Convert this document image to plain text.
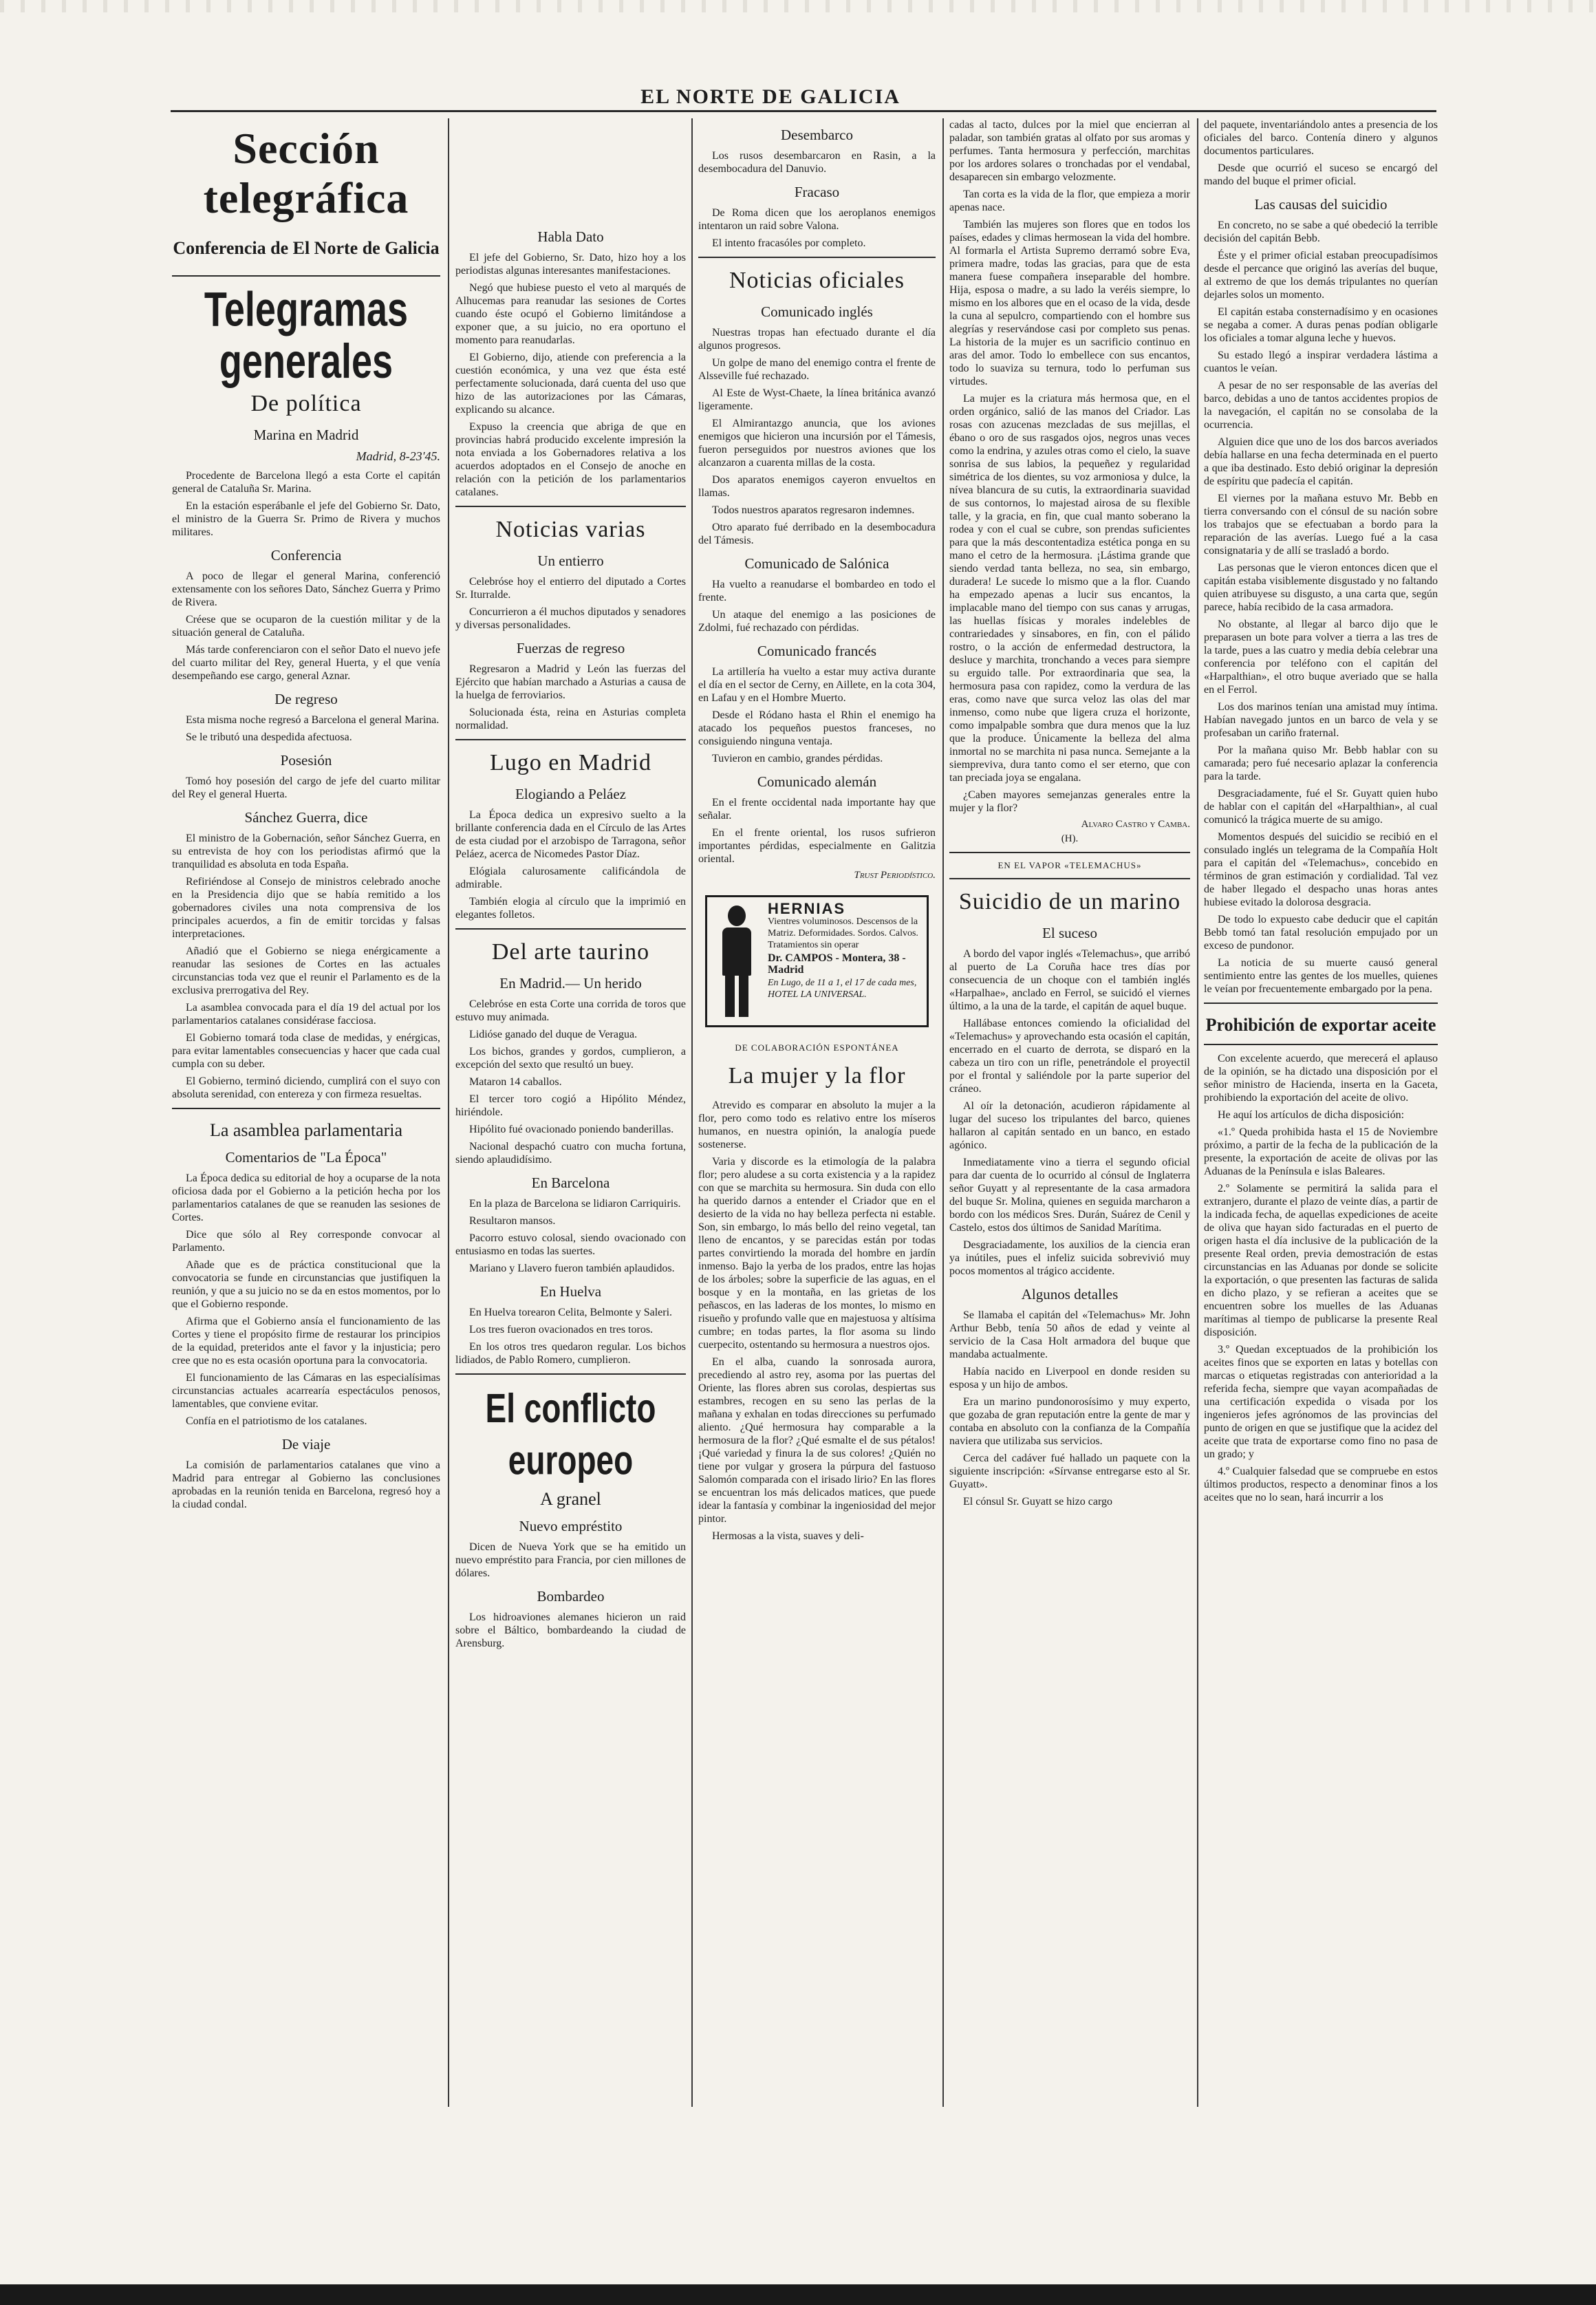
EL NORTE DE GALICIA
Sección telegráfica
Conferencia de El Norte de Galicia
Telegramas generales
De política
Marina en Madrid
Madrid, 8-23'45.

Procedente de Barcelona llegó a esta Corte el capitán general de Cataluña Sr. Marina.

En la estación esperábanle el jefe del Gobierno Sr. Dato, el ministro de la Guerra Sr. Primo de Rivera y muchos militares.

Conferencia

A poco de llegar el general Marina, conferenció extensamente con los señores Dato, Sánchez Guerra y Primo de Rivera.

Créese que se ocuparon de la cuestión militar y de la situación general de Cataluña.

Más tarde conferenciaron con el señor Dato el nuevo jefe del cuarto militar del Rey, general Huerta, y el que venía desempeñando ese cargo, general Aznar.

De regreso

Esta misma noche regresó a Barcelona el general Marina.

Se le tributó una despedida afectuosa.

Posesión

Tomó hoy posesión del cargo de jefe del cuarto militar del Rey el general Huerta.

Sánchez Guerra, dice

El ministro de la Gobernación, señor Sánchez Guerra, en su entrevista de hoy con los periodistas afirmó que la tranquilidad es absoluta en toda España.

Refiriéndose al Consejo de ministros celebrado anoche en la Presidencia dijo que se había remitido a los gobernadores civiles una nota comprensiva de los principales acuerdos, a fin de emitir torcidas y falsas interpretaciones.

Añadió que el Gobierno se niega enérgicamente a reanudar las sesiones de Cortes en las actuales circunstancias toda vez que el reunir el Parlamento es de la exclusiva prerrogativa del Rey.

La asamblea convocada para el día 19 del actual por los parlamentarios catalanes considérase facciosa.

El Gobierno tomará toda clase de medidas, y enérgicas, para evitar lamentables consecuencias y hacer que cada cual cumpla con su deber.

El Gobierno, terminó diciendo, cumplirá con el suyo con absoluta serenidad, con entereza y con firmeza resueltas.

La asamblea parlamentaria
Comentarios de "La Época"

La Época dedica su editorial de hoy a ocuparse de la nota oficiosa dada por el Gobierno a la petición hecha por los parlamentarios catalanes de que se reanuden las sesiones de Cortes.

Dice que sólo al Rey corresponde convocar al Parlamento.

Añade que es de práctica constitucional que la convocatoria se funde en circunstancias que justifiquen la reunión, y que a su juicio no se da en estos momentos, por lo que el Gobierno responde.

Afirma que el Gobierno ansía el funcionamiento de las Cortes y tiene el propósito firme de restaurar los principios de la equidad, preteridos ante el favor y la injusticia; pero cree que no es esta ocasión oportuna para la convocatoria.

El funcionamiento de las Cámaras en las especialísimas circunstancias actuales acarrearía espectáculos penosos, lamentables, que conviene evitar.

Confía en el patriotismo de los catalanes.

De viaje

La comisión de parlamentarios catalanes que vino a Madrid para entregar al Gobierno las conclusiones aprobadas en la reunión tenida en Barcelona, regresó hoy a la ciudad condal.

Habla Dato

El jefe del Gobierno, Sr. Dato, hizo hoy a los periodistas algunas interesantes manifestaciones.

Negó que hubiese puesto el veto al marqués de Alhucemas para reanudar las sesiones de Cortes cuando éste ocupó el Gobierno limitándose a exponer que, a su juicio, no era oportuno el momento para reanudarlas.

El Gobierno, dijo, atiende con preferencia a la cuestión económica, y una vez que ésta esté perfectamente solucionada, dará cuenta del uso que hizo de las autorizaciones por las Cámaras, explicando su alcance.

Expuso la creencia que abriga de que en provincias habrá producido excelente impresión la nota enviada a los Gobernadores relativa a los acuerdos adoptados en el Consejo de anoche en relación con la petición de los parlamentarios catalanes.

Noticias varias
Un entierro

Celebróse hoy el entierro del diputado a Cortes Sr. Iturralde.

Concurrieron a él muchos diputados y senadores y diversas personalidades.

Fuerzas de regreso

Regresaron a Madrid y León las fuerzas del Ejército que habían marchado a Asturias a causa de la huelga de ferroviarios.

Solucionada ésta, reina en Asturias completa normalidad.

Lugo en Madrid
Elogiando a Peláez

La Época dedica un expresivo suelto a la brillante conferencia dada en el Círculo de las Artes de esta ciudad por el arzobispo de Tarragona, señor Peláez, acerca de Nicomedes Pastor Díaz.

Elógiala calurosamente calificándola de admirable.

También elogia al círculo que la imprimió en elegantes folletos.

Del arte taurino
En Madrid.— Un herido

Celebróse en esta Corte una corrida de toros que estuvo muy animada.

Lidióse ganado del duque de Veragua.

Los bichos, grandes y gordos, cumplieron, a excepción del sexto que resultó un buey.

Mataron 14 caballos.

El tercer toro cogió a Hipólito Méndez, hiriéndole.

Hipólito fué ovacionado poniendo banderillas.

Nacional despachó cuatro con mucha fortuna, siendo aplaudidísimo.

En Barcelona

En la plaza de Barcelona se lidiaron Carriquiris.

Resultaron mansos.

Pacorro estuvo colosal, siendo ovacionado con entusiasmo en todas las suertes.

Mariano y Llavero fueron también aplaudidos.

En Huelva

En Huelva torearon Celita, Belmonte y Saleri.

Los tres fueron ovacionados en tres toros.

En los otros tres quedaron regular. Los bichos lidiados, de Pablo Romero, cumplieron.

El conflicto europeo
A granel
Nuevo empréstito

Dicen de Nueva York que se ha emitido un nuevo empréstito para Francia, por cien millones de dólares.

Bombardeo

Los hidroaviones alemanes hicieron un raid sobre el Báltico, bombardeando la ciudad de Arensburg.

Desembarco

Los rusos desembarcaron en Rasin, a la desembocadura del Danuvio.

Fracaso

De Roma dicen que los aeroplanos enemigos intentaron un raid sobre Valona.

El intento fracasóles por completo.

Noticias oficiales
Comunicado inglés

Nuestras tropas han efectuado durante el día algunos progresos.

Un golpe de mano del enemigo contra el frente de Alsseville fué rechazado.

Al Este de Wyst-Chaete, la línea británica avanzó ligeramente.

El Almirantazgo anuncia, que los aviones enemigos que hicieron una incursión por el Támesis, fueron perseguidos por nuestros aviones que los alcanzaron a cuarenta millas de la costa.

Dos aparatos enemigos cayeron envueltos en llamas.

Todos nuestros aparatos regresaron indemnes.

Otro aparato fué derribado en la desembocadura del Támesis.

Comunicado de Salónica

Ha vuelto a reanudarse el bombardeo en todo el frente.

Un ataque del enemigo a las posiciones de Zdolmi, fué rechazado con pérdidas.

Comunicado francés

La artillería ha vuelto a estar muy activa durante el día en el sector de Cerny, en Aillete, en la cota 304, en Lafau y en el Hombre Muerto.

Desde el Ródano hasta el Rhin el enemigo ha atacado los pequeños puestos franceses, no consiguiendo ninguna ventaja.

Tuvieron en cambio, grandes pérdidas.

Comunicado alemán

En el frente occidental nada importante hay que señalar.

En el frente oriental, los rusos sufrieron importantes pérdidas, especialmente en Galitzia oriental.

Trust Periodístico.
HERNIAS
Vientres voluminosos. Descensos de la Matriz. Deformidades. Sordos. Calvos. Tratamientos sin operar
Dr. CAMPOS - Montera, 38 - Madrid
En Lugo, de 11 a 1, el 17 de cada mes, HOTEL LA UNIVERSAL.
DE COLABORACIÓN ESPONTÁNEA
La mujer y la flor

Atrevido es comparar en absoluto la mujer a la flor, pero como todo es relativo entre los míseros humanos, en nuestra opinión, la analogía puede sostenerse.

Varia y discorde es la etimología de la palabra flor; pero aludese a su corta existencia y a la rapidez con que se marchita su hermosura. Sin duda con ello ha querido darnos a entender el Criador que en el desierto de la vida no hay belleza perfecta ni estable. Son, sin embargo, lo más bello del reino vegetal, tan lleno de encantos, y se parecidas están por todas partes convirtiendo la morada del hombre en jardín inmenso. Bajo la yerba de los prados, entre las hojas de los árboles; sobre la superficie de las aguas, en el bosque y en la montaña, en las grietas de los peñascos, en las laderas de los montes, lo mismo en risueño y profundo valle que en majestuosa y altísima cumbre; en todas partes, la flor asoma su lindo cuerpecito, ostentando su hermosura a nuestros ojos.

En el alba, cuando la sonrosada aurora, precediendo al astro rey, asoma por las puertas del Oriente, las flores abren sus corolas, despiertas sus estambres, recogen en su seno las perlas de la mañana y exhalan en todas direcciones su perfumado aliento. ¿Qué hermosura hay comparable a la hermosura de la flor? ¿Qué esmalte el de sus pétalos! ¡Qué variedad y finura la de sus colores! ¿Quién no tiene por vulgar y grosera la púrpura del fastuoso Salomón comparada con el irisado lirio? En las flores se encuentran los más delicados matices, que puede idear la fantasía y combinar la ingeniosidad del mejor pintor.

Hermosas a la vista, suaves y deli-

cadas al tacto, dulces por la miel que encierran al paladar, son también gratas al olfato por sus aromas y perfumes. Tanta hermosura y perfección, marchitas por los ardores solares o tronchadas por el vendabal, desaparecen sin embargo velozmente.

Tan corta es la vida de la flor, que empieza a morir apenas nace.

También las mujeres son flores que en todos los países, edades y climas hermosean la vida del hombre. Al formarla el Artista Supremo derramó sobre Eva, primera madre, todas las gracias, para que de esta manera fuese compañera inseparable del hombre. Hija, esposa o madre, a su lado la veréis siempre, lo mismo en los albores que en el ocaso de la vida, desde la cuna al sepulcro, compartiendo con el hombre sus alegrías y reservándose casi por completo sus penas. La historia de la mujer es un sacrificio continuo en aras del amor. Todo lo embellece con sus encantos, todo lo suaviza su ternura, todo lo perfuman sus virtudes.

La mujer es la criatura más hermosa que, en el orden orgánico, salió de las manos del Criador. Las rosas con azucenas mezcladas de sus mejillas, el ébano o oro de sus rasgados ojos, negros unas veces como la endrina, y azules otras como el cielo, la suave sonrisa de sus labios, la pequeñez y regularidad simétrica de los dientes, su voz armoniosa y dulce, la nívea blancura de su cutis, la extraordinaria suavidad de sus contornos, lo majestad airosa de su flexible talle, y la gracia, en fin, que cual manto soberano la rodea y con el cual se cubre, son prendas suficientes para que la más descontentadiza estética ponga en su mano el cetro de la hermosura. ¡Lástima grande que siendo verdad tanta belleza, no sea, sin embargo, duradera! Le sucede lo mismo que a la flor. Cuando ha empezado apenas a lucir sus encantos, la implacable mano del tiempo con sus canas y arrugas, las huellas físicas y morales indelebles de contrariedades y sinsabores, en fin, con el pálido rostro, o la acción de enfermedad destructora, la desluce y marchita, tronchando a veces para siempre su erguido talle. Por extraordinaria que sea, la hermosura pasa con rapidez, como la verdura de las eras, como nave que surca veloz las olas del mar inmenso, como nube que ligera cruza el horizonte, como impalpable sombra que dura menos que la luz que la produce. Únicamente la belleza del alma inmortal no se marchita ni pasa nunca. Semejante a la siempreviva, dura tanto como el ser eterno, que con tan preciada joya se engalana.

¿Caben mayores semejanzas generales entre la mujer y la flor?

Alvaro Castro y Camba.
(H).
EN EL VAPOR «TELEMACHUS»
Suicidio de un marino
El suceso

A bordo del vapor inglés «Telemachus», que arribó al puerto de La Coruña hace tres días por consecuencia de un choque con el también inglés «Harpalhae», anclado en Ferrol, se suicidó el viernes último, a la una de la tarde, el capitán de aquel buque.

Hallábase entonces comiendo la oficialidad del «Telemachus» y aprovechando esta ocasión el capitán, encerrado en el cuarto de derrota, se disparó en la cabeza un tiro con un rifle, penetrándole el proyectil por el frontal y saliéndole por la parte superior del cráneo.

Al oír la detonación, acudieron rápidamente al lugar del suceso los tripulantes del barco, quienes hallaron al capitán sentado en un banco, en estado agónico.

Inmediatamente vino a tierra el segundo oficial para dar cuenta de lo ocurrido al cónsul de Inglaterra señor Guyatt y al representante de la casa armadora del buque Sr. Molina, quienes en seguida marcharon a bordo con los médicos Sres. Durán, Suárez de Cenil y Castelo, estos dos últimos de Sanidad Marítima.

Desgraciadamente, los auxilios de la ciencia eran ya inútiles, pues el infeliz suicida sobrevivió muy pocos momentos al trágico accidente.

Algunos detalles

Se llamaba el capitán del «Telemachus» Mr. John Arthur Bebb, tenía 50 años de edad y veinte al servicio de la Casa Holt armadora del buque que mandaba actualmente.

Había nacido en Liverpool en donde residen su esposa y un hijo de ambos.

Era un marino pundonorosísimo y muy experto, que gozaba de gran reputación entre la gente de mar y contaba en absoluto con la confianza de la Compañía naviera que utilizaba sus servicios.

Cerca del cadáver fué hallado un paquete con la siguiente inscripción: «Sírvanse entregarse esto al Sr. Guyatt».

El cónsul Sr. Guyatt se hizo cargo

del paquete, inventariándolo antes a presencia de los oficiales del barco. Contenía dinero y algunos documentos particulares.

Desde que ocurrió el suceso se encargó del mando del buque el primer oficial.

Las causas del suicidio

En concreto, no se sabe a qué obedeció la terrible decisión del capitán Bebb.

Éste y el primer oficial estaban preocupadísimos desde el percance que originó las averías del buque, al extremo de que los demás tripulantes no querían dejarles solos un momento.

El capitán estaba consternadísimo y en ocasiones se negaba a comer. A duras penas podían obligarle los oficiales a tomar alguna leche y huevos.

Su estado llegó a inspirar verdadera lástima a cuantos le veían.

A pesar de no ser responsable de las averías del barco, debidas a uno de tantos accidentes propios de la navegación, el capitán no se consolaba de la ocurrencia.

Alguien dice que uno de los dos barcos averiados debía hallarse en una fecha determinada en el puerto a que iba destinado. Esto debió originar la depresión de espíritu que padecía el capitán.

El viernes por la mañana estuvo Mr. Bebb en tierra conversando con el cónsul de su nación sobre los trabajos que se efectuaban a bordo para la reparación de las averías. Luego fué a la casa consignataria y de allí se trasladó a bordo.

Las personas que le vieron entonces dicen que el capitán estaba visiblemente disgustado y no faltando quien atribuyese su disgusto, a una carta que, según parece, había recibido de la casa armadora.

No obstante, al llegar al barco dijo que le preparasen un bote para volver a tierra a las tres de la tarde, pues a las cuatro y media debía celebrar una conferencia por teléfono con el capitán del «Harpalthian», el otro buque averiado que se halla en el Ferrol.

Los dos marinos tenían una amistad muy íntima. Habían navegado juntos en un barco de vela y se profesaban un cariño fraternal.

Por la mañana quiso Mr. Bebb hablar con su camarada; pero fué necesario aplazar la conferencia para la tarde.

Desgraciadamente, fué el Sr. Guyatt quien hubo de hablar con el capitán del «Harpalthian», al cual comunicó la trágica muerte de su amigo.

Momentos después del suicidio se recibió en el consulado inglés un telegrama de la Compañía Holt para el capitán del «Telemachus», concebido en términos de gran estimación y cordialidad. Tal vez de haber llegado el despacho unas horas antes hubiese evitado la dolorosa desgracia.

De todo lo expuesto cabe deducir que el capitán Bebb tomó tan fatal resolución empujado por un exceso de pundonor.

La noticia de su muerte causó general sentimiento entre las gentes de los muelles, quienes le veían por frecuentemente embargado por la pena.

Prohibición de exportar aceite

Con excelente acuerdo, que merecerá el aplauso de la opinión, se ha dictado una disposición por el señor ministro de Hacienda, inserta en la Gaceta, prohibiendo la exportación del aceite de olivo.

He aquí los artículos de dicha disposición:

«1.º Queda prohibida hasta el 15 de Noviembre próximo, a partir de la fecha de la publicación de la presente, la exportación de aceite de olivas por las Aduanas de la Península e islas Baleares.

2.º Solamente se permitirá la salida para el extranjero, durante el plazo de veinte días, a partir de la indicada fecha, de aquellas expediciones de aceite de oliva que hayan sido facturadas en el puerto de origen hasta el día inclusive de la publicación de la presente Real orden, previa demostración de estas circunstancias en las Aduanas por donde se solicite la exportación, o que presenten las facturas de salida en dicho plazo, y se refieran a aceites que se encuentren sobre los muelles de las Aduanas marítimas al tiempo de publicarse la presente Real disposición.

3.º Quedan exceptuados de la prohibición los aceites finos que se exporten en latas y botellas con marcas o etiquetas registradas con anterioridad a la referida fecha, siempre que vayan acompañadas de una certificación expedida o visada por los ingenieros jefes agrónomos de las provincias del punto de origen en que se justifique que la acidez del aceite que trata de exportarse como fino no pasa de un grado; y

4.º Cualquier falsedad que se compruebe en estos últimos productos, respecto a denominar finos a los aceites que no lo sean, hará incurrir a los
